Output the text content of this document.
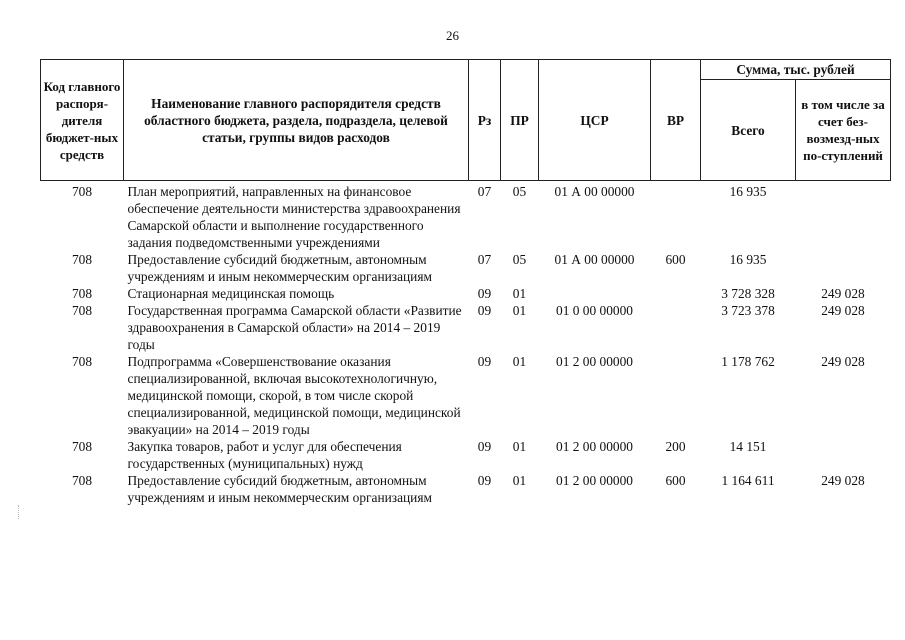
26
Код главного распоря-дителя бюджет-ных средств	Наименование главного распорядителя средств областного бюджета, раздела, подраздела, целевой статьи, группы видов расходов	Рз	ПР	ЦСР	ВР	Сумма, тыс. рублей	
						Всего	в том числе за счет без-возмезд-ных по-ступлений
708	План мероприятий, направленных на финансовое обеспечение деятельности министерства здравоохранения Самарской области и выполнение государственного задания подведомственными учреждениями	07	05	01 А 00 00000		16 935	
708	Предоставление субсидий бюджетным, автономным учреждениям и иным некоммерческим организациям	07	05	01 А 00 00000	600	16 935	
708	Стационарная медицинская помощь	09	01			3 728 328	249 028
708	Государственная программа Самарской области «Развитие здравоохранения в Самарской области» на 2014 – 2019 годы	09	01	01 0 00 00000		3 723 378	249 028
708	Подпрограмма «Совершенствование оказания специализированной, включая высокотехнологичную, медицинской помощи, скорой, в том числе скорой специализированной, медицинской помощи, медицинской эвакуации» на 2014 – 2019 годы	09	01	01 2 00 00000		1 178 762	249 028
708	Закупка товаров, работ и услуг для обеспечения государственных (муниципальных) нужд	09	01	01 2 00 00000	200	14 151	
708	Предоставление субсидий бюджетным, автономным учреждениям и иным некоммерческим организациям	09	01	01 2 00 00000	600	1 164 611	249 028
